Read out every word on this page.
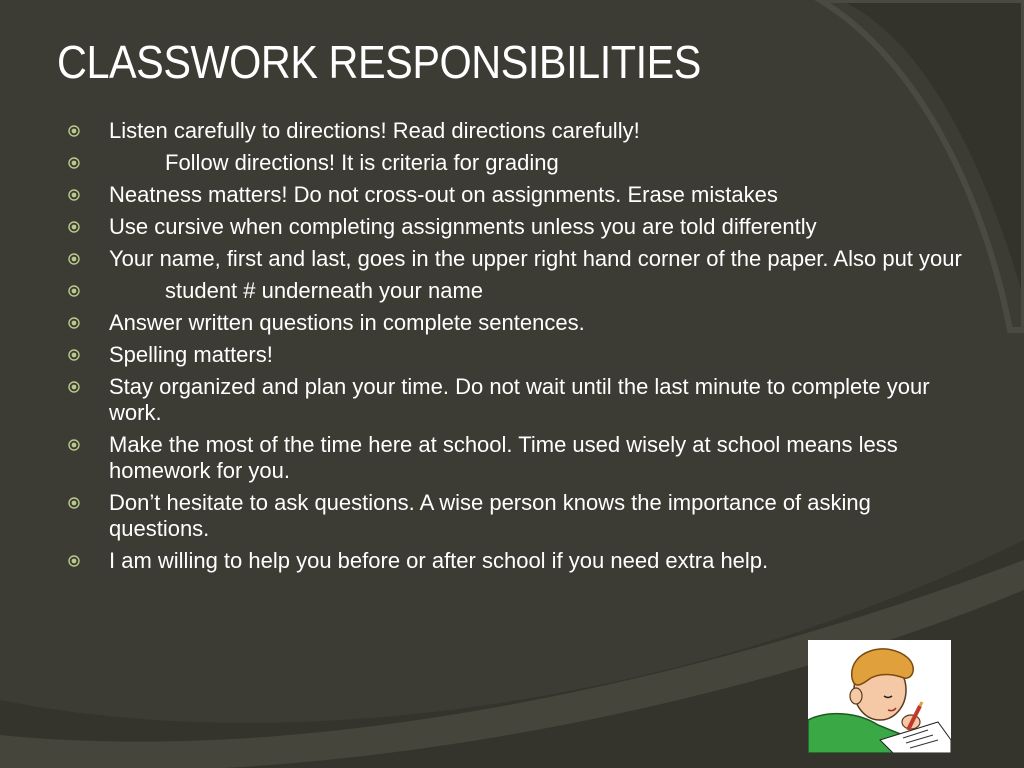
CLASSWORK RESPONSIBILITIES
Listen carefully to directions! Read directions carefully!
Follow directions! It is criteria for grading
Neatness matters! Do not cross-out on assignments. Erase mistakes
Use cursive when completing assignments unless you are told differently
Your name, first and last, goes in the upper right hand corner of the paper. Also put your
student # underneath your name
Answer written questions in complete sentences.
Spelling matters!
Stay organized and plan your time. Do not wait until the last minute to complete your work.
Make the most of the time here at school. Time used wisely at school means less homework for you.
Don’t hesitate to ask questions. A wise person knows the importance of asking questions.
I am willing to help you before or after school if you need extra help.
